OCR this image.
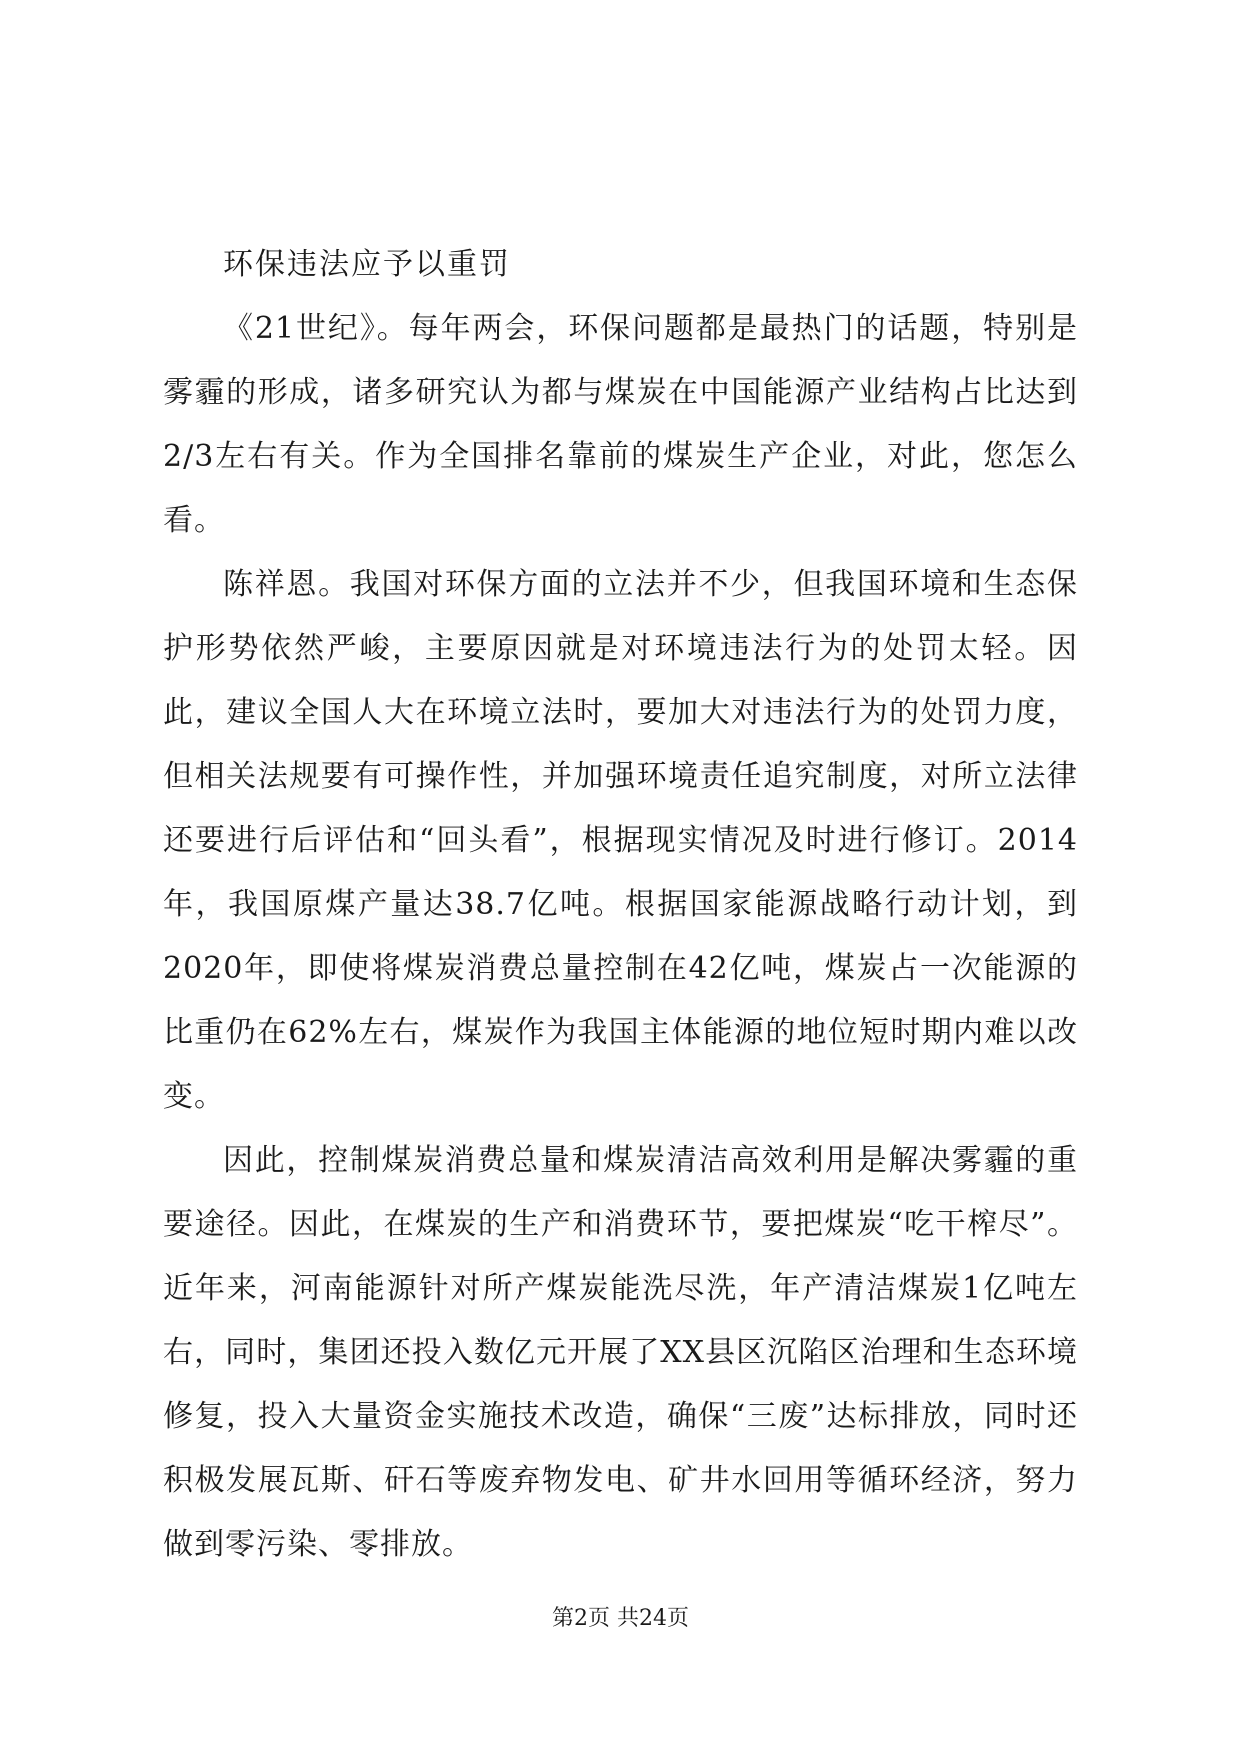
环保违法应予以重罚

《21世纪》。每年两会，环保问题都是最热门的话题，特别是雾霾的形成，诸多研究认为都与煤炭在中国能源产业结构占比达到2/3左右有关。作为全国排名靠前的煤炭生产企业，对此，您怎么看。

陈祥恩。我国对环保方面的立法并不少，但我国环境和生态保护形势依然严峻，主要原因就是对环境违法行为的处罚太轻。因此，建议全国人大在环境立法时，要加大对违法行为的处罚力度，但相关法规要有可操作性，并加强环境责任追究制度，对所立法律还要进行后评估和“回头看”，根据现实情况及时进行修订。2014年，我国原煤产量达38.7亿吨。根据国家能源战略行动计划，到2020年，即使将煤炭消费总量控制在42亿吨，煤炭占一次能源的比重仍在62%左右，煤炭作为我国主体能源的地位短时期内难以改变。

因此，控制煤炭消费总量和煤炭清洁高效利用是解决雾霾的重要途径。因此，在煤炭的生产和消费环节，要把煤炭“吃干榨尽”。近年来，河南能源针对所产煤炭能洗尽洗，年产清洁煤炭1亿吨左右，同时，集团还投入数亿元开展了XX县区沉陷区治理和生态环境修复，投入大量资金实施技术改造，确保“三废”达标排放，同时还积极发展瓦斯、矸石等废弃物发电、矿井水回用等循环经济，努力做到零污染、零排放。

第2页 共24页
